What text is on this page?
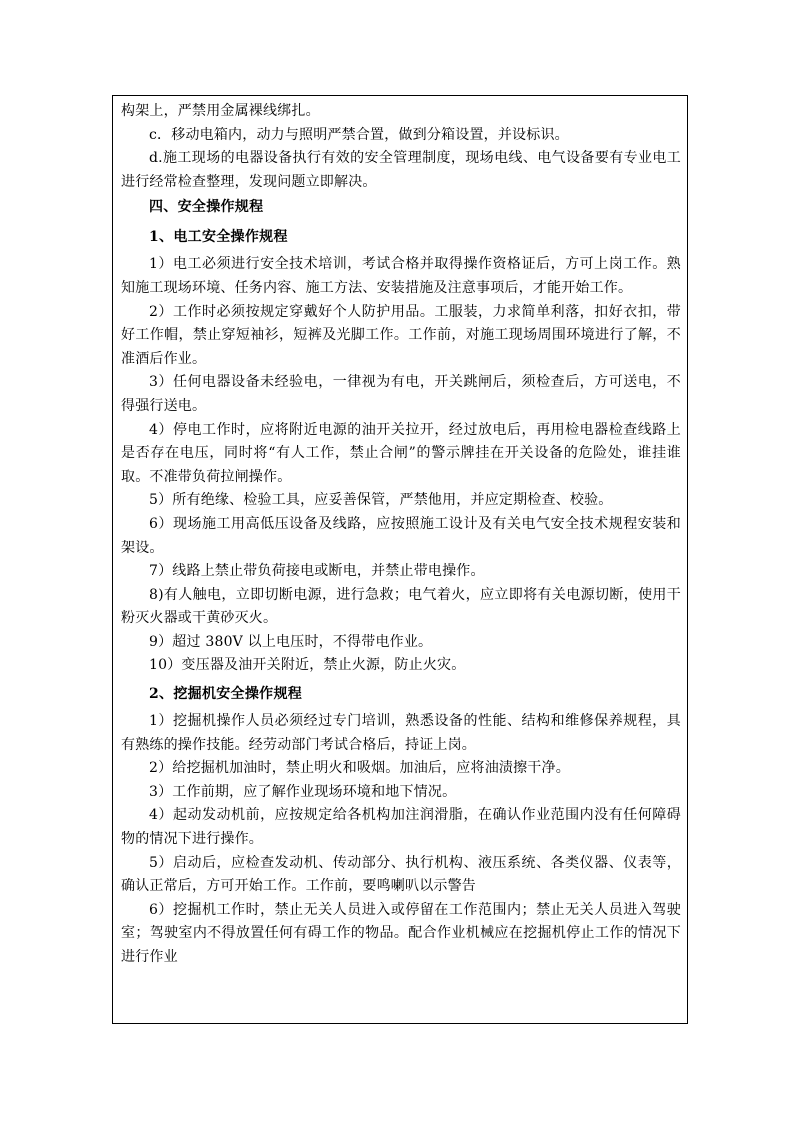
构架上，严禁用金属裸线绑扎。

c．移动电箱内，动力与照明严禁合置，做到分箱设置，并设标识。

d.施工现场的电器设备执行有效的安全管理制度，现场电线、电气设备要有专业电工进行经常检查整理，发现问题立即解决。

四、安全操作规程

1、电工安全操作规程

1）电工必须进行安全技术培训，考试合格并取得操作资格证后，方可上岗工作。熟知施工现场环境、任务内容、施工方法、安装措施及注意事项后，才能开始工作。

2）工作时必须按规定穿戴好个人防护用品。工服装，力求简单利落，扣好衣扣，带好工作帽，禁止穿短袖衫，短裤及光脚工作。工作前，对施工现场周围环境进行了解，不准酒后作业。

3）任何电器设备未经验电，一律视为有电，开关跳闸后，须检查后，方可送电，不得强行送电。

4）停电工作时，应将附近电源的油开关拉开，经过放电后，再用检电器检查线路上是否存在电压，同时将“有人工作，禁止合闸”的警示牌挂在开关设备的危险处，谁挂谁取。不准带负荷拉闸操作。

5）所有绝缘、检验工具，应妥善保管，严禁他用，并应定期检查、校验。

6）现场施工用高低压设备及线路，应按照施工设计及有关电气安全技术规程安装和架设。

7）线路上禁止带负荷接电或断电，并禁止带电操作。

8)有人触电，立即切断电源，进行急救；电气着火，应立即将有关电源切断，使用干粉灭火器或干黄砂灭火。

9）超过 380V 以上电压时，不得带电作业。

10）变压器及油开关附近，禁止火源，防止火灾。

2、挖掘机安全操作规程

1）挖掘机操作人员必须经过专门培训，熟悉设备的性能、结构和维修保养规程，具有熟练的操作技能。经劳动部门考试合格后，持证上岗。

2）给挖掘机加油时，禁止明火和吸烟。加油后，应将油渍擦干净。

3）工作前期，应了解作业现场环境和地下情况。

4）起动发动机前，应按规定给各机构加注润滑脂，在确认作业范围内没有任何障碍物的情况下进行操作。

5）启动后，应检查发动机、传动部分、执行机构、液压系统、各类仪器、仪表等，确认正常后，方可开始工作。工作前，要鸣喇叭以示警告

6）挖掘机工作时，禁止无关人员进入或停留在工作范围内；禁止无关人员进入驾驶室；驾驶室内不得放置任何有碍工作的物品。配合作业机械应在挖掘机停止工作的情况下进行作业
